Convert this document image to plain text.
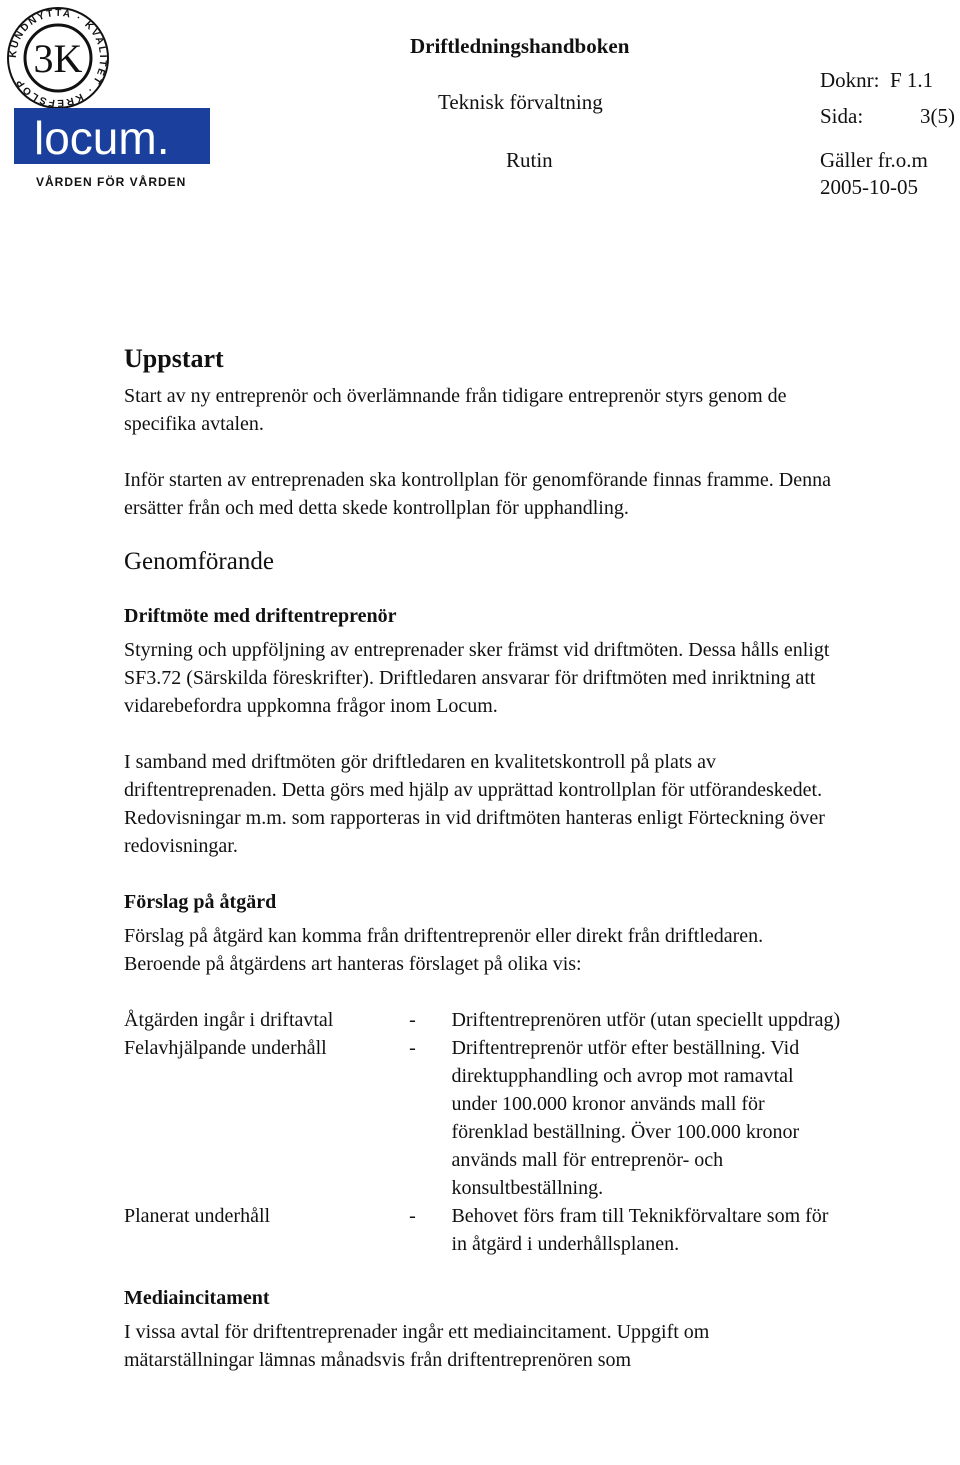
KUNDNYTTA · KVALITET · KREFSLÖP
3K
locum.
VÅRDEN FÖR VÅRDEN
Driftledningshandboken
Teknisk förvaltning
Rutin
Doknr: F 1.1
Sida:	3(5)
Gäller fr.o.m
2005-10-05
Uppstart

Start av ny entreprenör och överlämnande från tidigare entreprenör styrs genom de specifika avtalen.

Inför starten av entreprenaden ska kontrollplan för genomförande finnas framme. Denna ersätter från och med detta skede kontrollplan för upphandling.

Genomförande
Driftmöte med driftentreprenör

Styrning och uppföljning av entreprenader sker främst vid driftmöten. Dessa hålls enligt SF3.72 (Särskilda föreskrifter). Driftledaren ansvarar för driftmöten med inriktning att vidarebefordra uppkomna frågor inom Locum.

I samband med driftmöten gör driftledaren en kvalitetskontroll på plats av driftentreprenaden. Detta görs med hjälp av upprättad kontrollplan för utförandeskedet. Redovisningar m.m. som rapporteras in vid driftmöten hanteras enligt Förteckning över redovisningar.

Förslag på åtgärd

Förslag på åtgärd kan komma från driftentreprenör eller direkt från driftledaren. Beroende på åtgärdens art hanteras förslaget på olika vis:

Åtgärden ingår i driftavtal	-	Driftentreprenören utför (utan speciellt uppdrag)
Felavhjälpande underhåll	-	Driftentreprenör utför efter beställning. Vid direktupphandling och avrop mot ramavtal under 100.000 kronor används mall för förenklad beställning. Över 100.000 kronor används mall för entreprenör- och konsultbeställning.
Planerat underhåll	-	Behovet förs fram till Teknikförvaltare som för in åtgärd i underhållsplanen.
Mediaincitament

I vissa avtal för driftentreprenader ingår ett mediaincitament. Uppgift om mätarställningar lämnas månadsvis från driftentreprenören som
